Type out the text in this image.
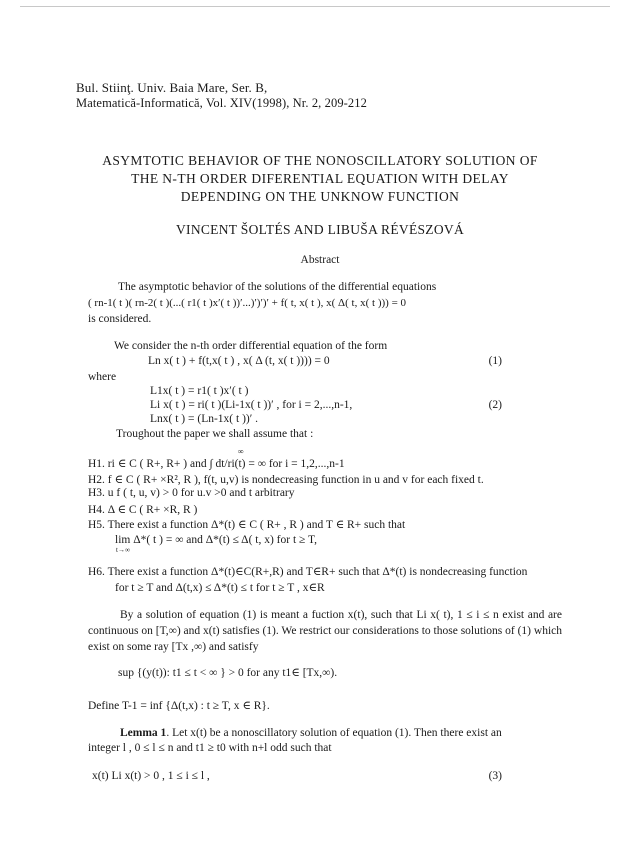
Bul. Stiinţ. Univ. Baia Mare, Ser. B,
Matematică-Informatică, Vol. XIV(1998), Nr. 2, 209-212
ASYMTOTIC BEHAVIOR OF THE NONOSCILLATORY SOLUTION OF
THE N-TH ORDER DIFERENTIAL EQUATION WITH DELAY
DEPENDING ON THE UNKNOW FUNCTION
VINCENT ŠOLTÉS AND LIBUŠA RÉVÉSZOVÁ
Abstract
The asymptotic behavior of the solutions of the differential equations
( rn-1( t )( rn-2( t )(...( r1( t )x′( t ))′...)′)′)′ + f( t, x( t ), x( Δ( t, x( t ))) = 0
is considered.
We consider the n-th order differential equation of the form
Ln x( t ) + f(t,x( t ) , x( Δ (t, x( t )))) = 0	(1)
where
L1x( t ) = r1( t )x′( t )
Li x( t ) = ri( t )(Li-1x( t ))′ , for i = 2,...,n-1,	(2)
Lnx( t ) = (Ln-1x( t ))′ .
Troughout the paper we shall assume that :
∞
H1. ri ∈ C ( R+, R+ ) and ∫ dt/ri(t) = ∞ for i = 1,2,...,n-1
H2. f ∈ C ( R+ ×R², R ), f(t, u,v) is nondecreasing function in u and v for each fixed t.
H3. u f ( t, u, v) > 0 for u.v >0 and t arbitrary
H4. Δ ∈ C ( R+ ×R, R )
H5. There exist a function Δ*(t) ∈ C ( R+ , R ) and T ∈ R+ such that
lim Δ*( t ) = ∞ and Δ*(t) ≤ Δ( t, x) for t ≥ T,
t→∞
H6. There exist a function Δ*(t)∈C(R+,R) and T∈R+ such that Δ*(t) is nondecreasing function
for t ≥ T and Δ(t,x) ≤ Δ*(t) ≤ t for t ≥ T , x∈R
By a solution of equation (1) is meant a fuction x(t), such that Li x( t), 1 ≤ i ≤ n exist and are continuous on [T,∞) and x(t) satisfies (1). We restrict our considerations to those solutions of (1) which exist on some ray [Tx ,∞) and satisfy
sup {(y(t)): t1 ≤ t < ∞ } > 0 for any t1∈ [Tx,∞).
Define T-1 = inf {Δ(t,x) : t ≥ T, x ∈ R}.
Lemma 1. Let x(t) be a nonoscillatory solution of equation (1). Then there exist an
integer l , 0 ≤ l ≤ n and t1 ≥ t0 with n+l odd such that
x(t) Li x(t) > 0 , 1 ≤ i ≤ l ,	(3)
